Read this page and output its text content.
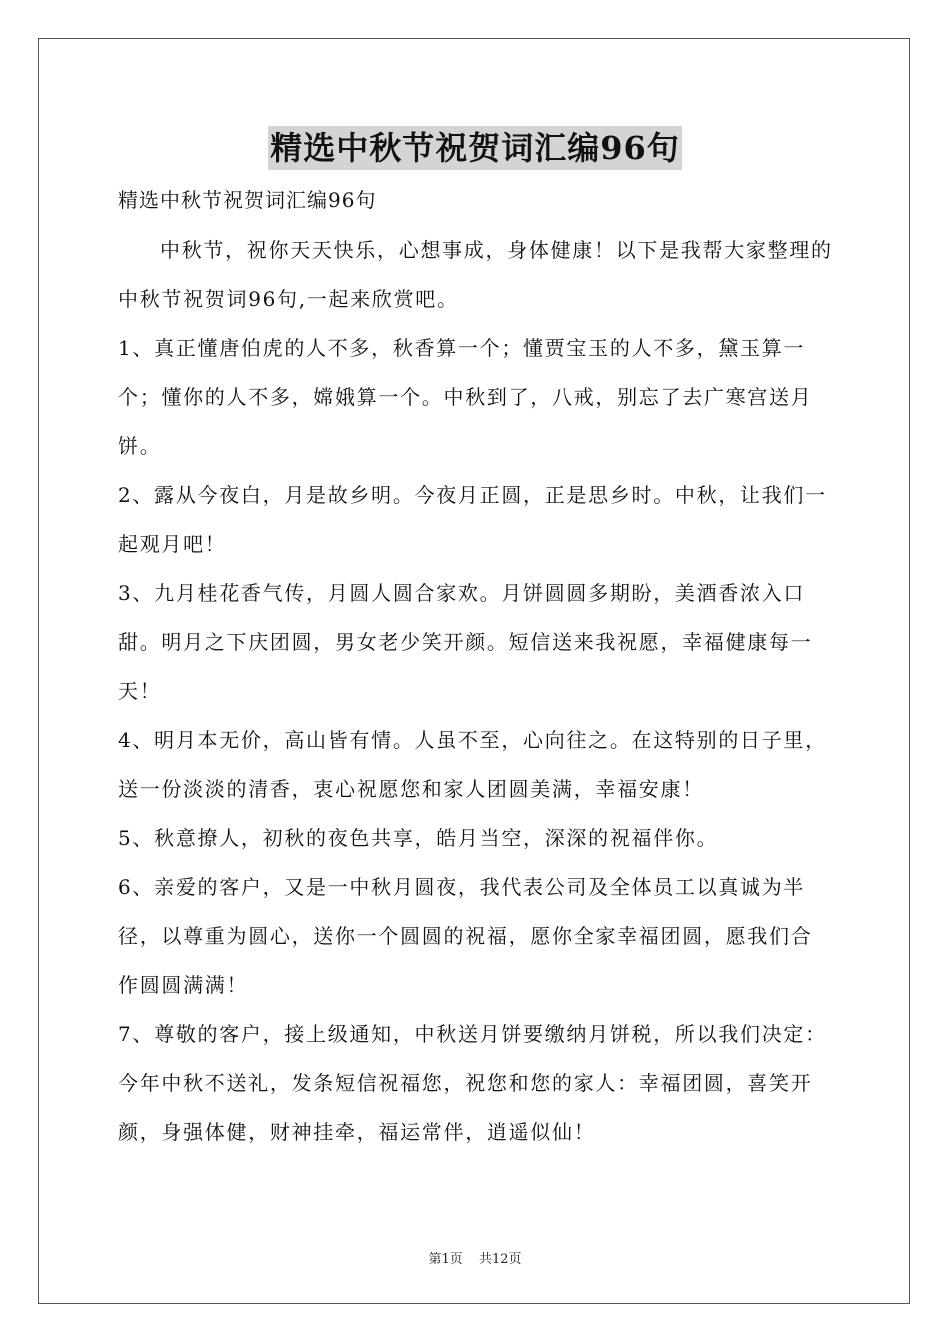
精选中秋节祝贺词汇编96句

精选中秋节祝贺词汇编96句

中秋节，祝你天天快乐，心想事成，身体健康！以下是我帮大家整理的中秋节祝贺词96句,一起来欣赏吧。

1、真正懂唐伯虎的人不多，秋香算一个；懂贾宝玉的人不多，黛玉算一个；懂你的人不多，嫦娥算一个。中秋到了，八戒，别忘了去广寒宫送月饼。

2、露从今夜白，月是故乡明。今夜月正圆，正是思乡时。中秋，让我们一起观月吧！

3、九月桂花香气传，月圆人圆合家欢。月饼圆圆多期盼，美酒香浓入口甜。明月之下庆团圆，男女老少笑开颜。短信送来我祝愿，幸福健康每一天！

4、明月本无价，高山皆有情。人虽不至，心向往之。在这特别的日子里，送一份淡淡的清香，衷心祝愿您和家人团圆美满，幸福安康！

5、秋意撩人，初秋的夜色共享，皓月当空，深深的祝福伴你。

6、亲爱的客户，又是一中秋月圆夜，我代表公司及全体员工以真诚为半径，以尊重为圆心，送你一个圆圆的祝福，愿你全家幸福团圆，愿我们合作圆圆满满！

7、尊敬的客户，接上级通知，中秋送月饼要缴纳月饼税，所以我们决定：今年中秋不送礼，发条短信祝福您，祝您和您的家人：幸福团圆，喜笑开颜，身强体健，财神挂牵，福运常伴，逍遥似仙！

第1页 共12页
